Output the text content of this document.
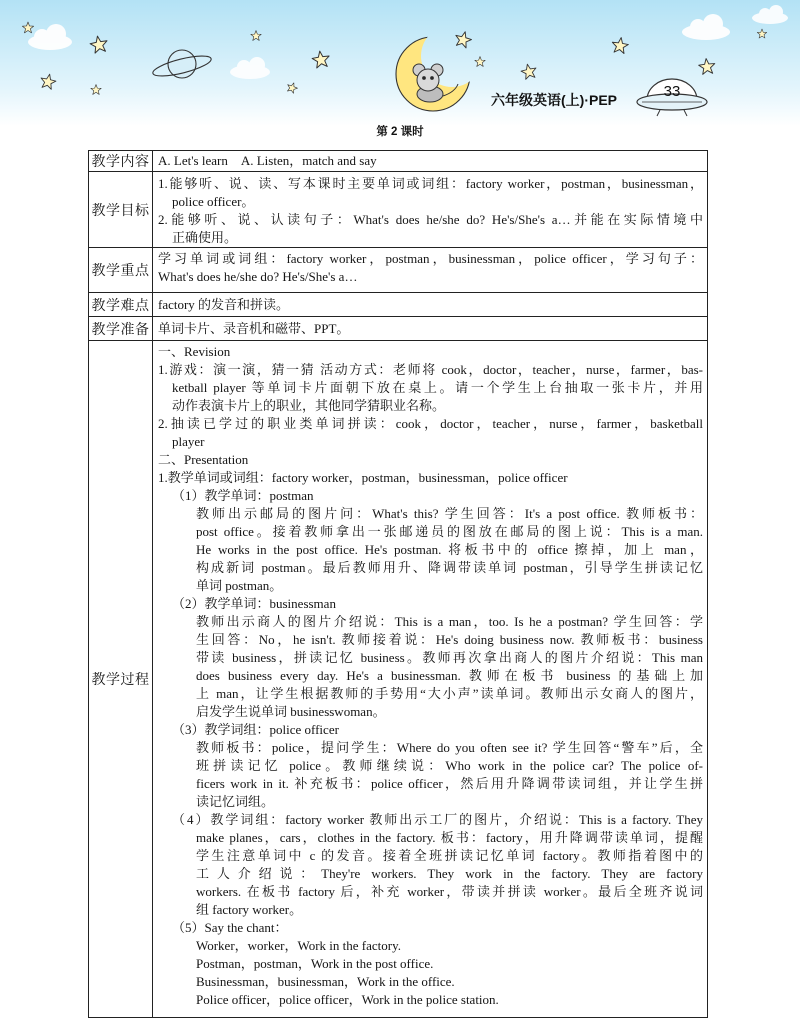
33
六年级英语(上)·PEP
第 2 课时
教学内容 A. Let's learn　A. Listen，match and say
教学目标
1.能够听、说、读、写本课时主要单词或词组：factory worker，postman，businessman，
police officer。
2.能够听、说、认读句子：What's does he/she do? He's/She's a…并能在实际情境中
正确使用。
教学重点
学习单词或词组：factory worker，postman，businessman，police officer，学习句子：
What's does he/she do? He's/She's a…
教学难点 factory 的发音和拼读。
教学准备 单词卡片、录音机和磁带、PPT。
教学过程
一、Revision
1.游戏：演一演，猜一猜 活动方式：老师将 cook，doctor，teacher，nurse，farmer，bas-
ketball player 等单词卡片面朝下放在桌上。请一个学生上台抽取一张卡片，并用
动作表演卡片上的职业，其他同学猜职业名称。
2.抽读已学过的职业类单词拼读：cook，doctor，teacher，nurse，farmer，basketball
player
二、Presentation
1.教学单词或词组：factory worker，postman，businessman，police officer
（1）教学单词：postman
教师出示邮局的图片问：What's this? 学生回答：It's a post office. 教师板书：
post office。接着教师拿出一张邮递员的图放在邮局的图上说：This is a man.
He works in the post office. He's postman. 将板书中的 office 擦掉，加上 man，
构成新词 postman。最后教师用升、降调带读单词 postman，引导学生拼读记忆
单词 postman。
（2）教学单词：businessman
教师出示商人的图片介绍说：This is a man，too. Is he a postman? 学生回答：学
生回答：No，he isn't. 教师接着说：He's doing business now. 教师板书：business
带读 business，拼读记忆 business。教师再次拿出商人的图片介绍说：This man
does business every day. He's a businessman. 教师在板书 business 的基础上加
上 man，让学生根据教师的手势用“大小声”读单词。教师出示女商人的图片，
启发学生说单词 businesswoman。
（3）教学词组：police officer
教师板书：police，提问学生：Where do you often see it? 学生回答“警车”后，全
班拼读记忆 police。教师继续说：Who work in the police car? The police of-
ficers work in it. 补充板书：police officer，然后用升降调带读词组，并让学生拼
读记忆词组。
（4）教学词组：factory worker 教师出示工厂的图片，介绍说：This is a factory. They
make planes，cars，clothes in the factory. 板书：factory，用升降调带读单词，提醒
学生注意单词中 c 的发音。接着全班拼读记忆单词 factory。教师指着图中的
工人介绍说：They're workers. They work in the factory. They are factory
workers. 在板书 factory 后，补充 worker，带读并拼读 worker。最后全班齐说词
组 factory worker。
（5）Say the chant：
Worker，worker，Work in the factory.
Postman，postman，Work in the post office.
Businessman，businessman，Work in the office.
Police officer，police officer，Work in the police station.
